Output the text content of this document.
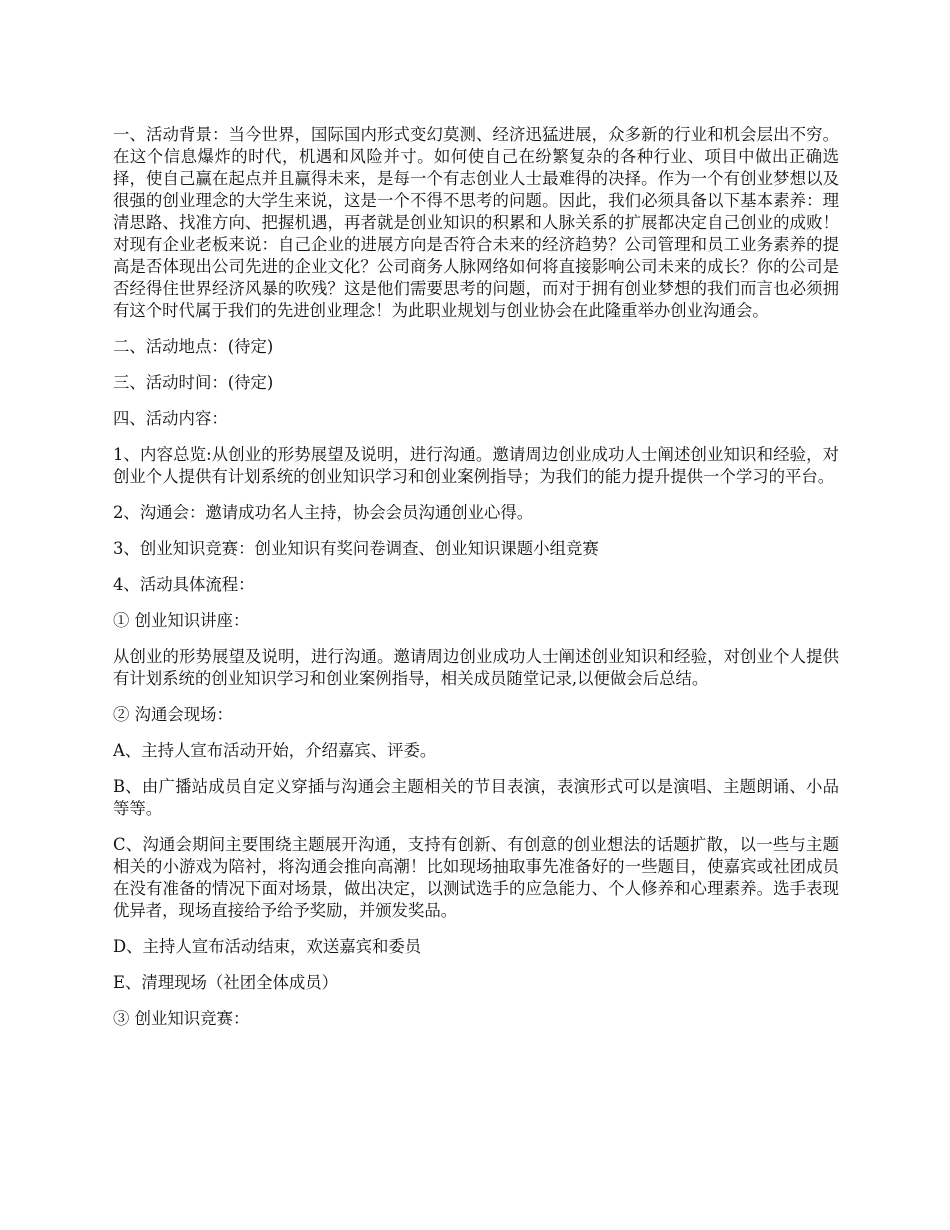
一、活动背景：当今世界，国际国内形式变幻莫测、经济迅猛进展，众多新的行业和机会层出不穷。在这个信息爆炸的时代，机遇和风险并寸。如何使自己在纷繁复杂的各种行业、项目中做出正确选择，使自己赢在起点并且赢得未来，是每一个有志创业人士最难得的决择。作为一个有创业梦想以及很强的创业理念的大学生来说，这是一个不得不思考的问题。因此，我们必须具备以下基本素养：理清思路、找准方向、把握机遇，再者就是创业知识的积累和人脉关系的扩展都决定自己创业的成败！对现有企业老板来说：自己企业的进展方向是否符合未来的经济趋势？公司管理和员工业务素养的提高是否体现出公司先进的企业文化？公司商务人脉网络如何将直接影响公司未来的成长？你的公司是否经得住世界经济风暴的吹残？这是他们需要思考的问题，而对于拥有创业梦想的我们而言也必须拥有这个时代属于我们的先进创业理念！为此职业规划与创业协会在此隆重举办创业沟通会。

二、活动地点：(待定)

三、活动时间：(待定)

四、活动内容：

1、内容总览:从创业的形势展望及说明，进行沟通。邀请周边创业成功人士阐述创业知识和经验，对创业个人提供有计划系统的创业知识学习和创业案例指导；为我们的能力提升提供一个学习的平台。

2、沟通会：邀请成功名人主持，协会会员沟通创业心得。

3、创业知识竞赛：创业知识有奖问卷调查、创业知识课题小组竞赛

4、活动具体流程：

① 创业知识讲座：

从创业的形势展望及说明，进行沟通。邀请周边创业成功人士阐述创业知识和经验，对创业个人提供有计划系统的创业知识学习和创业案例指导，相关成员随堂记录,以便做会后总结。

② 沟通会现场：

A、主持人宣布活动开始，介绍嘉宾、评委。

B、由广播站成员自定义穿插与沟通会主题相关的节目表演，表演形式可以是演唱、主题朗诵、小品等等。

C、沟通会期间主要围绕主题展开沟通，支持有创新、有创意的创业想法的话题扩散，以一些与主题相关的小游戏为陪衬，将沟通会推向高潮！比如现场抽取事先准备好的一些题目，使嘉宾或社团成员在没有准备的情况下面对场景，做出决定，以测试选手的应急能力、个人修养和心理素养。选手表现优异者，现场直接给予给予奖励，并颁发奖品。

D、主持人宣布活动结束，欢送嘉宾和委员

E、清理现场（社团全体成员）

③ 创业知识竞赛：
